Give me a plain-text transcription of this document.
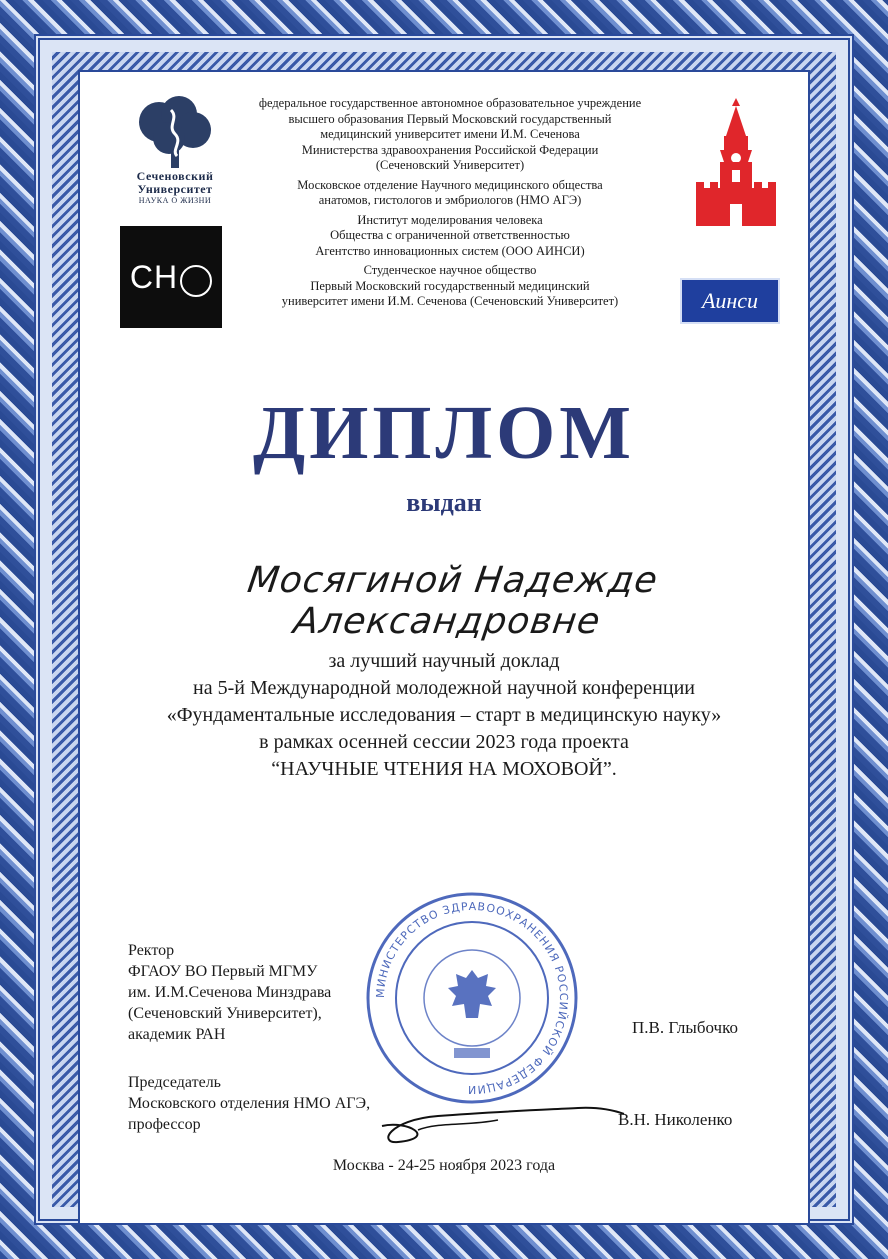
Сеченовский
Университет
НАУКА О ЖИЗНИ
CH
Аинси

федеральное государственное автономное образовательное учреждение
высшего образования Первый Московский государственный
медицинский университет имени И.М. Сеченова
Министерства здравоохранения Российской Федерации
(Сеченовский Университет)

Московское отделение Научного медицинского общества
анатомов, гистологов и эмбриологов (НМО АГЭ)

Институт моделирования человека
Общества с ограниченной ответственностью
Агентство инновационных систем (ООО АИНСИ)

Студенческое научное общество
Первый Московский государственный медицинский
университет имени И.М. Сеченова (Сеченовский Университет)

ДИПЛОМ
выдан
Мосягиной Надежде Александровне
за лучший научный доклад
на 5-й Международной молодежной научной конференции
«Фундаментальные исследования – старт в медицинскую науку»
в рамках осенней сессии 2023 года проекта
“НАУЧНЫЕ ЧТЕНИЯ НА МОХОВОЙ”.
МИНИСТЕРСТВО ЗДРАВООХРАНЕНИЯ РОССИЙСКОЙ ФЕДЕРАЦИИ
Ректор
ФГАОУ ВО Первый МГМУ
им. И.М.Сеченова Минздрава
(Сеченовский Университет),
академик РАН	П.В. Глыбочко
Председатель
Московского отделения НМО АГЭ,
профессор	В.Н. Николенко
Москва - 24-25 ноября 2023 года
